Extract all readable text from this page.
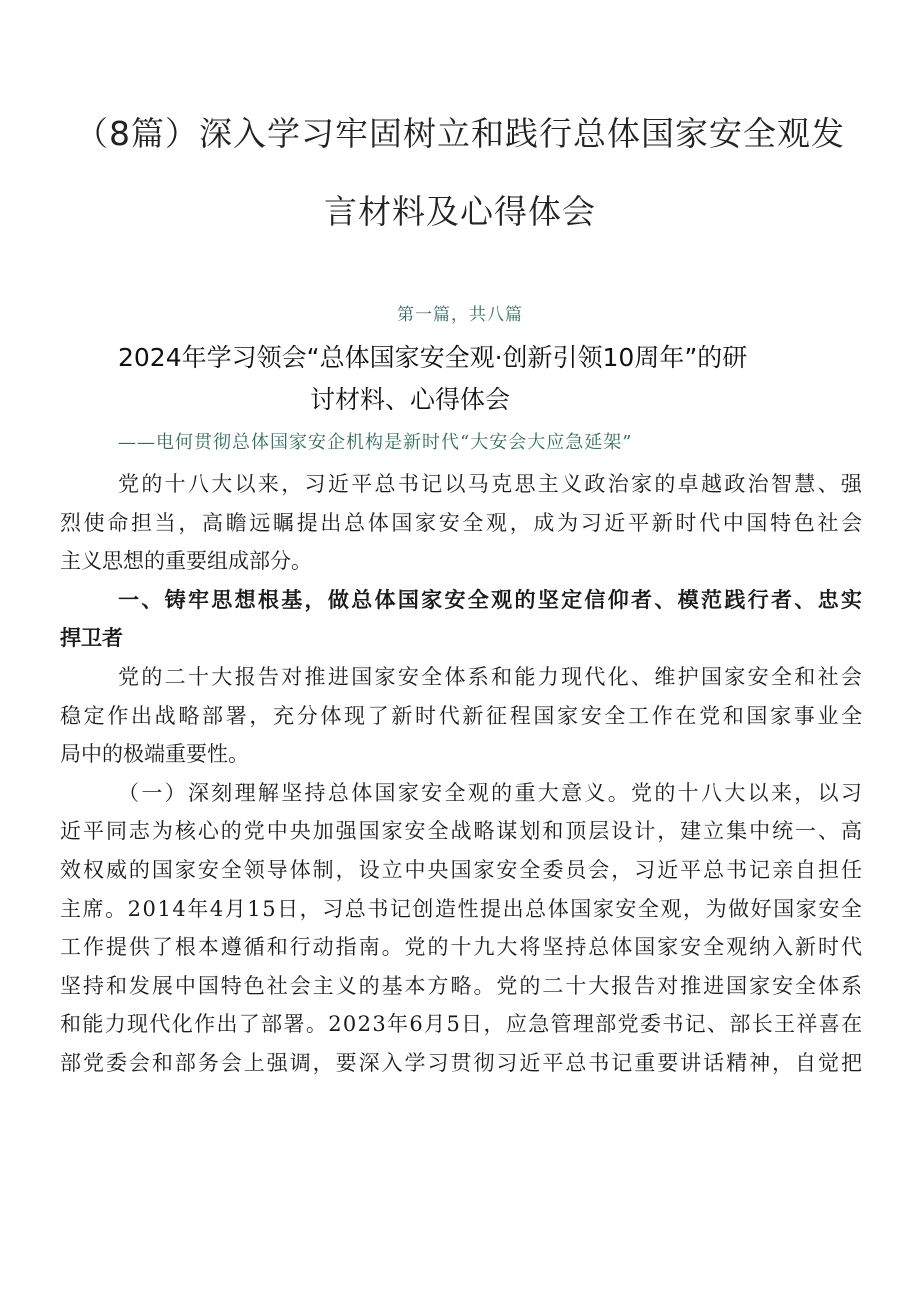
（8篇）深入学习牢固树立和践行总体国家安全观发
言材料及心得体会
第一篇，共八篇
2024年学习领会“总体国家安全观·创新引领10周年”的研
讨材料、心得体会
——电何贯彻总体国家安企机构是新时代“大安会大应急延架”
党的十八大以来，习近平总书记以马克思主义政治家的卓越政治智慧、强
烈使命担当，高瞻远瞩提出总体国家安全观，成为习近平新时代中国特色社会
主义思想的重要组成部分。
一、铸牢思想根基，做总体国家安全观的坚定信仰者、模范践行者、忠实
捍卫者
党的二十大报告对推进国家安全体系和能力现代化、维护国家安全和社会
稳定作出战略部署，充分体现了新时代新征程国家安全工作在党和国家事业全
局中的极端重要性。
（一）深刻理解坚持总体国家安全观的重大意义。党的十八大以来，以习
近平同志为核心的党中央加强国家安全战略谋划和顶层设计，建立集中统一、高
效权威的国家安全领导体制，设立中央国家安全委员会，习近平总书记亲自担任
主席。2014年4月15日，习总书记创造性提出总体国家安全观，为做好国家安全
工作提供了根本遵循和行动指南。党的十九大将坚持总体国家安全观纳入新时代
坚持和发展中国特色社会主义的基本方略。党的二十大报告对推进国家安全体系
和能力现代化作出了部署。2023年6月5日，应急管理部党委书记、部长王祥喜在
部党委会和部务会上强调，要深入学习贯彻习近平总书记重要讲话精神，自觉把
